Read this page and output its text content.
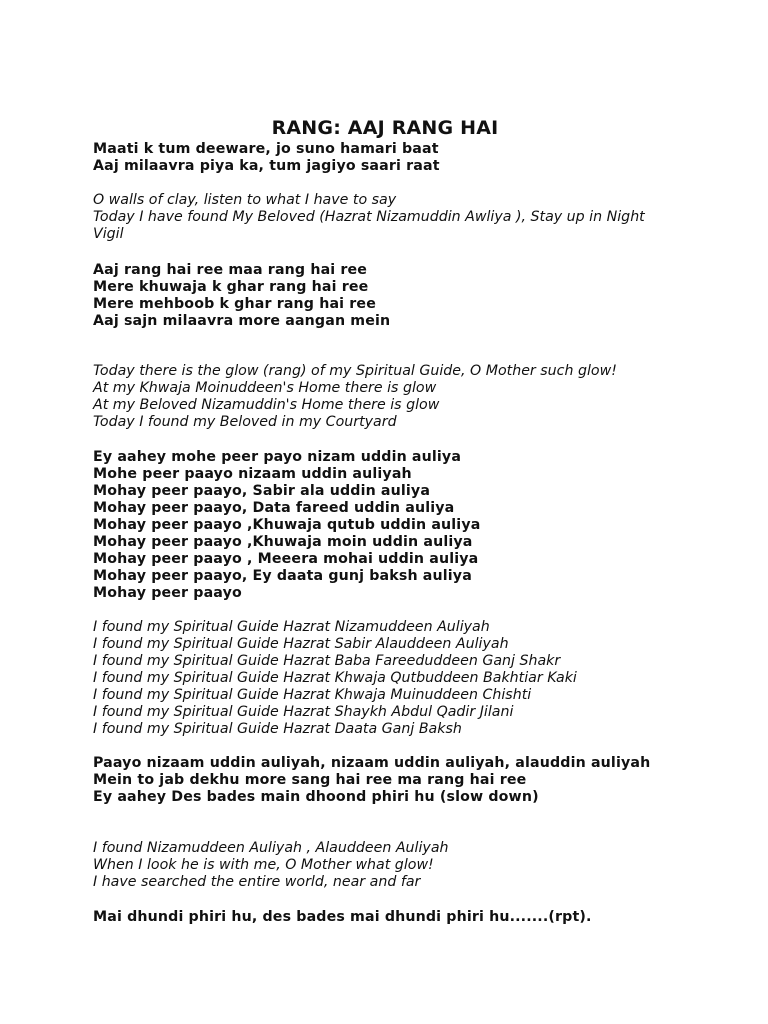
RANG: AAJ RANG HAI
Maati k tum deeware, jo suno hamari baat
Aaj milaavra piya ka, tum jagiyo saari raat
O walls of clay, listen to what I have to say
Today I have found My Beloved (Hazrat Nizamuddin Awliya ), Stay up in Night Vigil
Aaj rang hai ree maa rang hai ree
Mere khuwaja k ghar rang hai ree
Mere mehboob k ghar rang hai ree
Aaj sajn milaavra more aangan mein
Today there is the glow (rang) of my Spiritual Guide, O Mother such glow!
At my Khwaja Moinuddeen's Home there is glow
At my Beloved Nizamuddin's Home there is glow
Today I found my Beloved in my Courtyard
Ey aahey mohe peer payo nizam uddin auliya
Mohe peer paayo nizaam uddin auliyah
Mohay peer paayo, Sabir ala uddin auliya
Mohay peer paayo, Data fareed uddin auliya
Mohay peer paayo ,Khuwaja qutub uddin auliya
Mohay peer paayo ,Khuwaja moin uddin auliya
Mohay peer paayo , Meeera mohai uddin auliya
Mohay peer paayo, Ey daata gunj baksh auliya
Mohay peer paayo
I found my Spiritual Guide Hazrat Nizamuddeen Auliyah
I found my Spiritual Guide Hazrat Sabir Alauddeen Auliyah
I found my Spiritual Guide Hazrat Baba Fareeduddeen Ganj Shakr
I found my Spiritual Guide Hazrat Khwaja Qutbuddeen Bakhtiar Kaki
I found my Spiritual Guide Hazrat Khwaja Muinuddeen Chishti
I found my Spiritual Guide Hazrat Shaykh Abdul Qadir Jilani
I found my Spiritual Guide Hazrat Daata Ganj Baksh
Paayo nizaam uddin auliyah, nizaam uddin auliyah, alauddin auliyah
Mein to jab dekhu more sang hai ree ma rang hai ree
Ey aahey Des bades main dhoond phiri hu (slow down)
I found Nizamuddeen Auliyah , Alauddeen Auliyah
When I look he is with me, O Mother what glow!
I have searched the entire world, near and far
Mai dhundi phiri hu, des bades mai dhundi phiri hu.......(rpt).
